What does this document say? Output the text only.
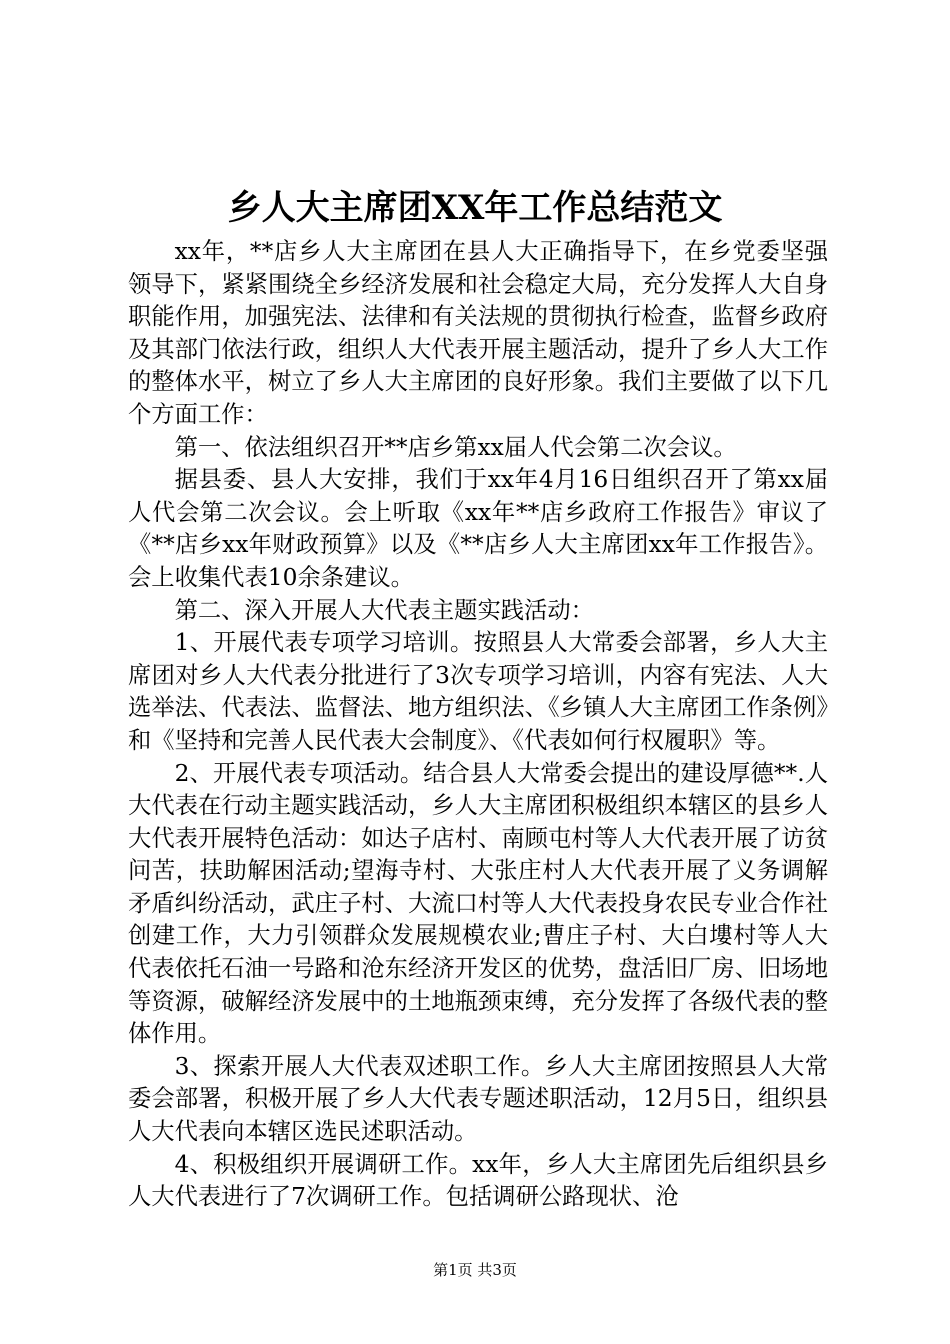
乡人大主席团XX年工作总结范文

xx年，**店乡人大主席团在县人大正确指导下，在乡党委坚强领导下，紧紧围绕全乡经济发展和社会稳定大局，充分发挥人大自身职能作用，加强宪法、法律和有关法规的贯彻执行检查，监督乡政府及其部门依法行政，组织人大代表开展主题活动，提升了乡人大工作的整体水平，树立了乡人大主席团的良好形象。我们主要做了以下几个方面工作：

第一、依法组织召开**店乡第xx届人代会第二次会议。

据县委、县人大安排，我们于xx年4月16日组织召开了第xx届人代会第二次会议。会上听取《xx年**店乡政府工作报告》审议了《**店乡xx年财政预算》以及《**店乡人大主席团xx年工作报告》。会上收集代表10余条建议。

第二、深入开展人大代表主题实践活动：

1、开展代表专项学习培训。按照县人大常委会部署，乡人大主席团对乡人大代表分批进行了3次专项学习培训，内容有宪法、人大选举法、代表法、监督法、地方组织法、《乡镇人大主席团工作条例》和《坚持和完善人民代表大会制度》、《代表如何行权履职》等。

2、开展代表专项活动。结合县人大常委会提出的建设厚德**.人大代表在行动主题实践活动，乡人大主席团积极组织本辖区的县乡人大代表开展特色活动：如达子店村、南顾屯村等人大代表开展了访贫问苦，扶助解困活动;望海寺村、大张庄村人大代表开展了义务调解矛盾纠纷活动，武庄子村、大流口村等人大代表投身农民专业合作社创建工作，大力引领群众发展规模农业;曹庄子村、大白塿村等人大代表依托石油一号路和沧东经济开发区的优势，盘活旧厂房、旧场地等资源，破解经济发展中的土地瓶颈束缚，充分发挥了各级代表的整体作用。

3、探索开展人大代表双述职工作。乡人大主席团按照县人大常委会部署，积极开展了乡人大代表专题述职活动，12月5日，组织县人大代表向本辖区选民述职活动。

4、积极组织开展调研工作。xx年，乡人大主席团先后组织县乡人大代表进行了7次调研工作。包括调研公路现状、沧

第1页 共3页
